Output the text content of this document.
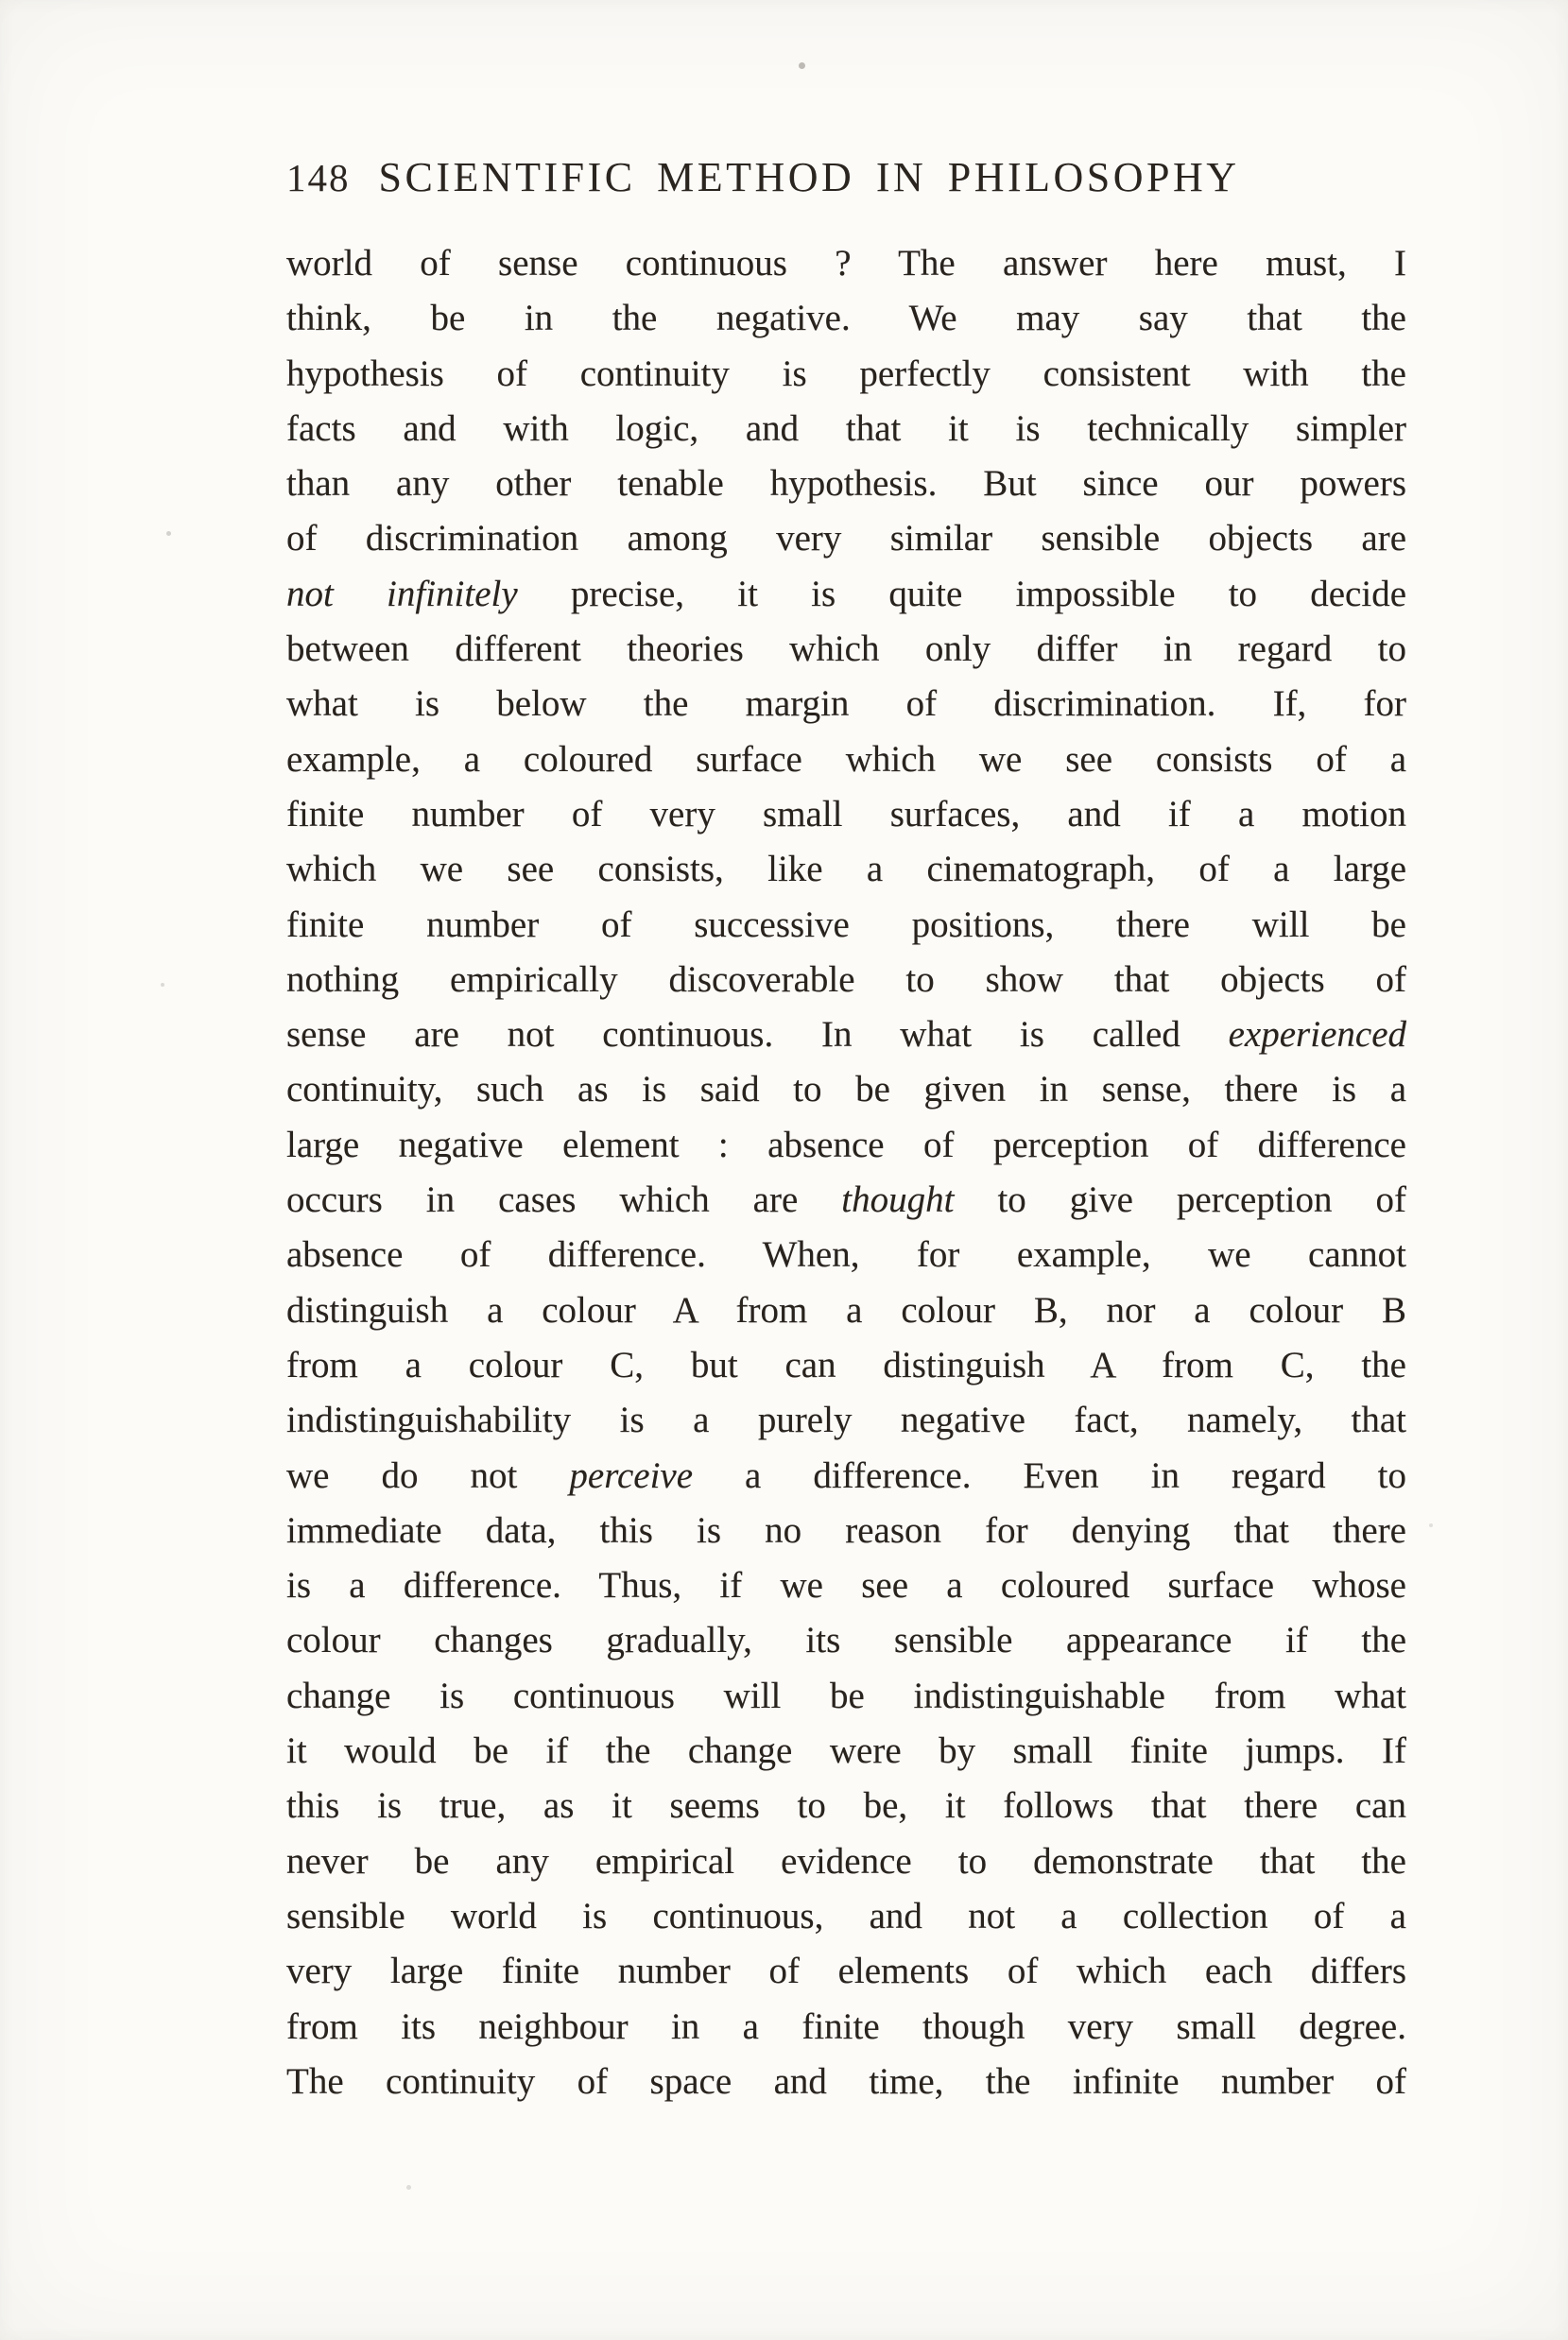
148 SCIENTIFIC METHOD IN PHILOSOPHY
world of sense continuous ? The answer here must, I
think, be in the negative. We may say that the
hypothesis of continuity is perfectly consistent with the
facts and with logic, and that it is technically simpler
than any other tenable hypothesis. But since our powers
of discrimination among very similar sensible objects are
not infinitely precise, it is quite impossible to decide
between different theories which only differ in regard to
what is below the margin of discrimination. If, for
example, a coloured surface which we see consists of a
finite number of very small surfaces, and if a motion
which we see consists, like a cinematograph, of a large
finite number of successive positions, there will be
nothing empirically discoverable to show that objects of
sense are not continuous. In what is called experienced
continuity, such as is said to be given in sense, there is a
large negative element : absence of perception of difference
occurs in cases which are thought to give perception of
absence of difference. When, for example, we cannot
distinguish a colour A from a colour B, nor a colour B
from a colour C, but can distinguish A from C, the
indistinguishability is a purely negative fact, namely, that
we do not perceive a difference. Even in regard to
immediate data, this is no reason for denying that there
is a difference. Thus, if we see a coloured surface whose
colour changes gradually, its sensible appearance if the
change is continuous will be indistinguishable from what
it would be if the change were by small finite jumps. If
this is true, as it seems to be, it follows that there can
never be any empirical evidence to demonstrate that the
sensible world is continuous, and not a collection of a
very large finite number of elements of which each differs
from its neighbour in a finite though very small degree.
The continuity of space and time, the infinite number of
